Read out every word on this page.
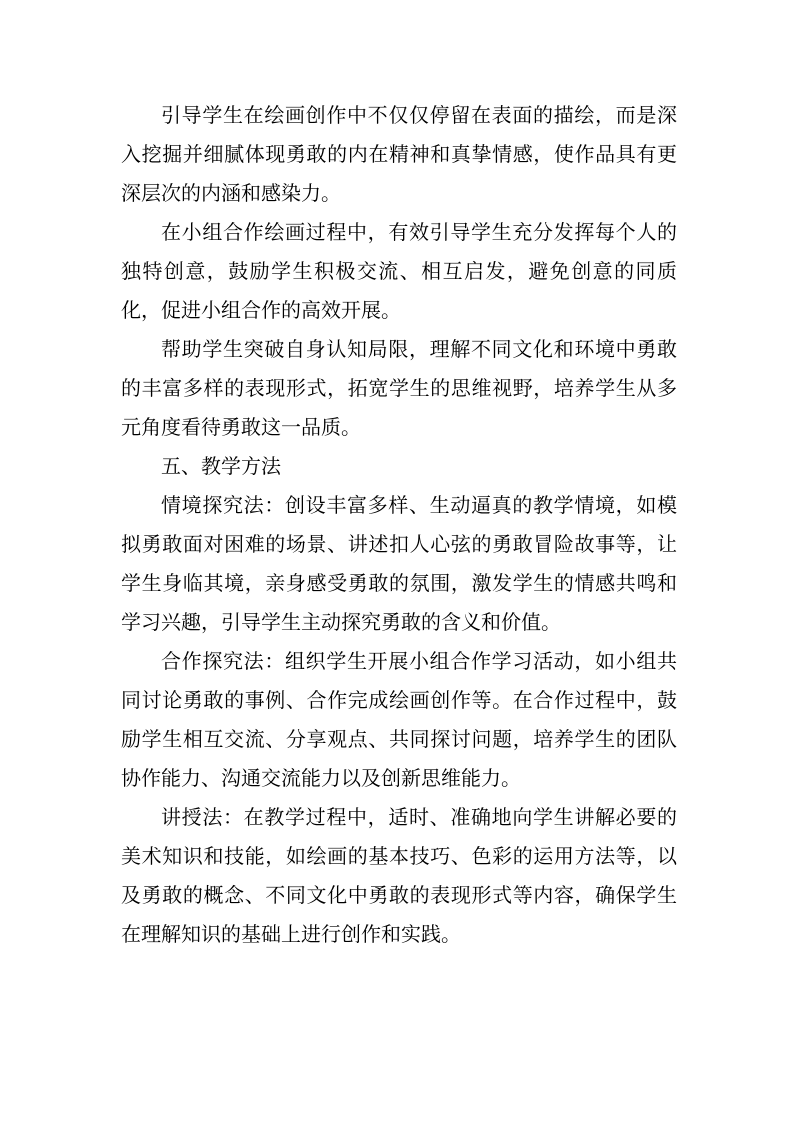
引导学生在绘画创作中不仅仅停留在表面的描绘，而是深入挖掘并细腻体现勇敢的内在精神和真挚情感，使作品具有更深层次的内涵和感染力。

在小组合作绘画过程中，有效引导学生充分发挥每个人的独特创意，鼓励学生积极交流、相互启发，避免创意的同质化，促进小组合作的高效开展。

帮助学生突破自身认知局限，理解不同文化和环境中勇敢的丰富多样的表现形式，拓宽学生的思维视野，培养学生从多元角度看待勇敢这一品质。

五、教学方法

情境探究法：创设丰富多样、生动逼真的教学情境，如模拟勇敢面对困难的场景、讲述扣人心弦的勇敢冒险故事等，让学生身临其境，亲身感受勇敢的氛围，激发学生的情感共鸣和学习兴趣，引导学生主动探究勇敢的含义和价值。

合作探究法：组织学生开展小组合作学习活动，如小组共同讨论勇敢的事例、合作完成绘画创作等。在合作过程中，鼓励学生相互交流、分享观点、共同探讨问题，培养学生的团队协作能力、沟通交流能力以及创新思维能力。

讲授法：在教学过程中，适时、准确地向学生讲解必要的美术知识和技能，如绘画的基本技巧、色彩的运用方法等，以及勇敢的概念、不同文化中勇敢的表现形式等内容，确保学生在理解知识的基础上进行创作和实践。
